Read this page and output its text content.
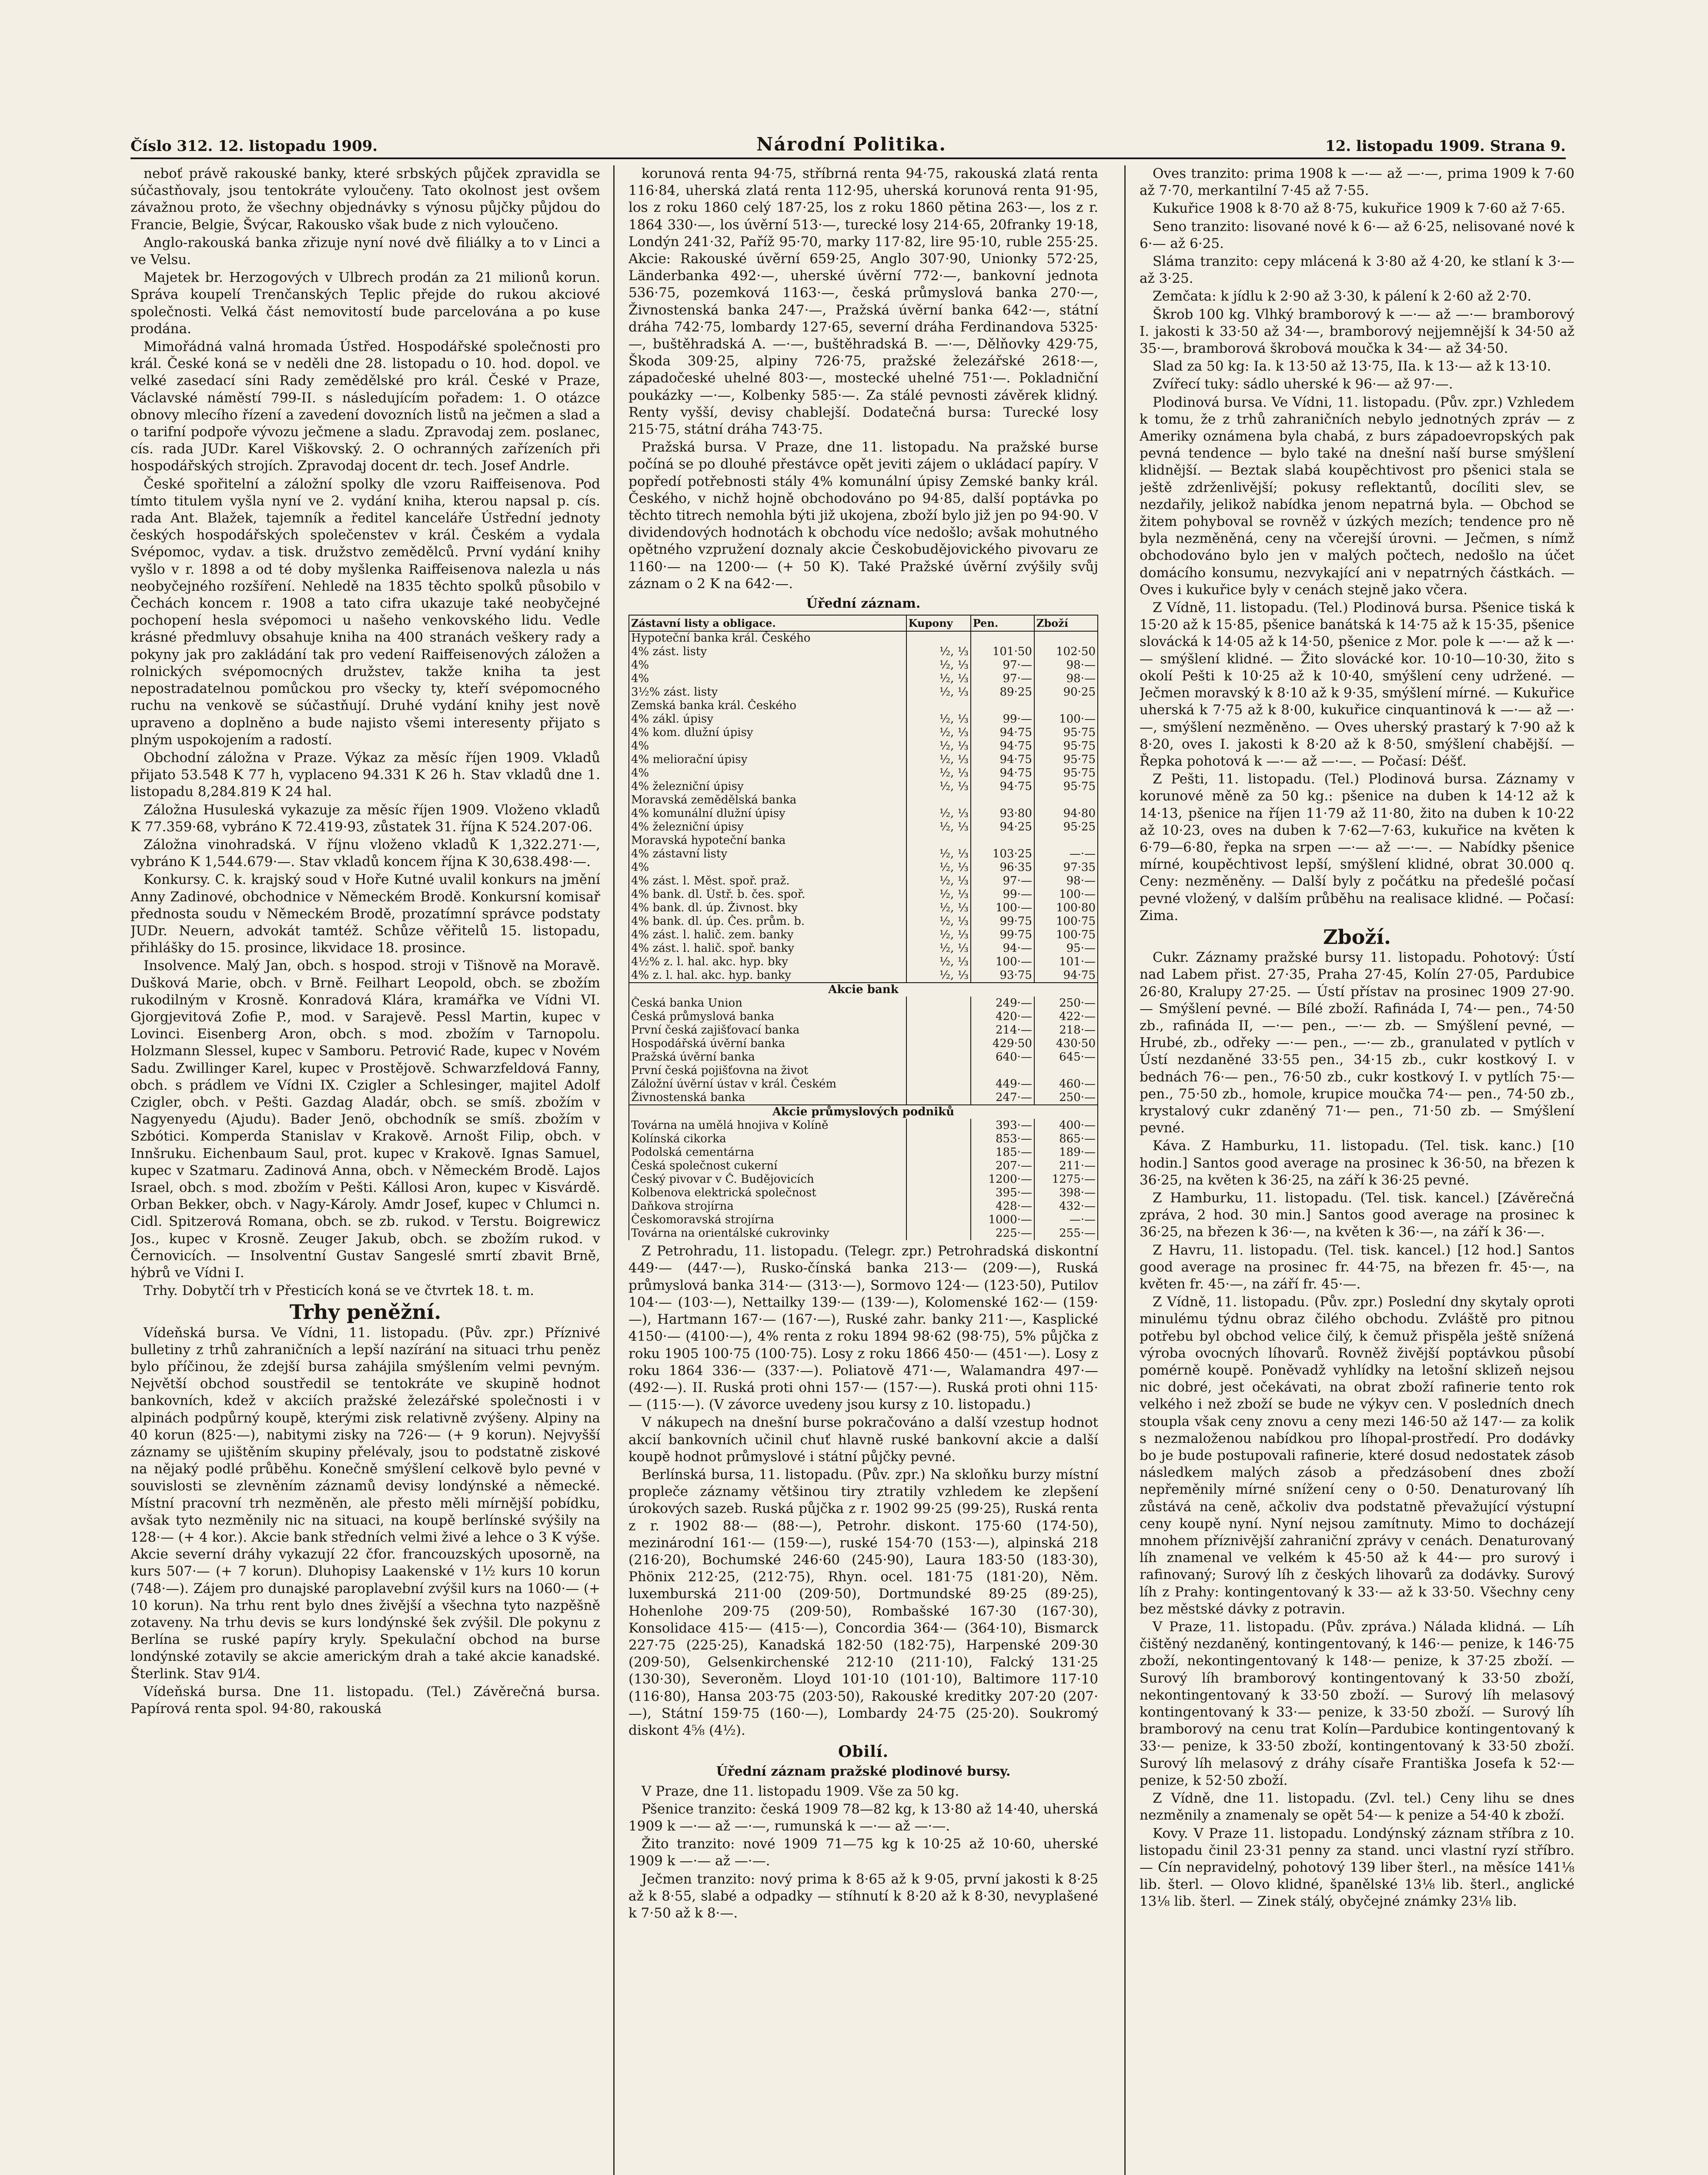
Číslo 312. 12. listopadu 1909.	Národní Politika.	12. listopadu 1909. Strana 9.

neboť právě rakouské banky, které srbských půjček zpravidla se súčastňovaly, jsou tentokráte vyloučeny. Tato okolnost jest ovšem závažnou proto, že všechny objednávky s výnosu půjčky půjdou do Francie, Belgie, Švýcar, Rakousko však bude z nich vyloučeno.

Anglo-rakouská banka zřizuje nyní nové dvě filiálky a to v Linci a ve Velsu.

Majetek br. Herzogových v Ulbrech prodán za 21 milionů korun. Správa koupelí Trenčanských Teplic přejde do rukou akciové společnosti. Velká část nemovitostí bude parcelována a po kuse prodána.

Mimořádná valná hromada Ústřed. Hospodářské společnosti pro král. České koná se v neděli dne 28. listopadu o 10. hod. dopol. ve velké zasedací síni Rady zemědělské pro král. České v Praze, Václavské náměstí 799-II. s následujícím pořadem: 1. O otázce obnovy mlecího řízení a zavedení dovozních listů na ječmen a slad a o tarifní podpoře vývozu ječmene a sladu. Zpravodaj zem. poslanec, cís. rada JUDr. Karel Viškovský. 2. O ochranných zařízeních při hospodářských strojích. Zpravodaj docent dr. tech. Josef Andrle.

České spořitelní a záložní spolky dle vzoru Raiffeisenova. Pod tímto titulem vyšla nyní ve 2. vydání kniha, kterou napsal p. cís. rada Ant. Blažek, tajemník a ředitel kanceláře Ústřední jednoty českých hospodářských společenstev v král. Českém a vydala Svépomoc, vydav. a tisk. družstvo zemědělců. První vydání knihy vyšlo v r. 1898 a od té doby myšlenka Raiffeisenova nalezla u nás neobyčejného rozšíření. Nehledě na 1835 těchto spolků působilo v Čechách koncem r. 1908 a tato cifra ukazuje také neobyčejné pochopení hesla svépomoci u našeho venkovského lidu. Vedle krásné předmluvy obsahuje kniha na 400 stranách veškery rady a pokyny jak pro zakládání tak pro vedení Raiffeisenových záložen a rolnických svépomocných družstev, takže kniha ta jest nepostradatelnou pomůckou pro všecky ty, kteří svépomocného ruchu na venkově se súčastňují. Druhé vydání knihy jest nově upraveno a doplněno a bude najisto všemi interesenty přijato s plným uspokojením a radostí.

Obchodní záložna v Praze. Výkaz za měsíc říjen 1909. Vkladů přijato 53.548 K 77 h, vyplaceno 94.331 K 26 h. Stav vkladů dne 1. listopadu 8,284.819 K 24 hal.

Záložna Husuleská vykazuje za měsíc říjen 1909. Vloženo vkladů K 77.359·68, vybráno K 72.419·93, zůstatek 31. října K 524.207·06.

Záložna vinohradská. V říjnu vloženo vkladů K 1,322.271·—, vybráno K 1,544.679·—. Stav vkladů koncem října K 30,638.498·—.

Konkursy. C. k. krajský soud v Hoře Kutné uvalil konkurs na jmění Anny Zadinové, obchodnice v Německém Brodě. Konkursní komisař přednosta soudu v Německém Brodě, prozatímní správce podstaty JUDr. Neuern, advokát tamtéž. Schůze věřitelů 15. listopadu, přihlášky do 15. prosince, likvidace 18. prosince.

Insolvence. Malý Jan, obch. s hospod. stroji v Tišnově na Moravě. Dušková Marie, obch. v Brně. Feilhart Leopold, obch. se zbožím rukodilným v Krosně. Konradová Klára, kramářka ve Vídni VI. Gjorgjevitová Zofie P., mod. v Sarajevě. Pessl Martin, kupec v Lovinci. Eisenberg Aron, obch. s mod. zbožím v Tarnopolu. Holzmann Slessel, kupec v Samboru. Petrović Rade, kupec v Novém Sadu. Zwillinger Karel, kupec v Prostějově. Schwarzfeldová Fanny, obch. s prádlem ve Vídni IX. Czigler a Schlesinger, majitel Adolf Czigler, obch. v Pešti. Gazdag Aladár, obch. se smíš. zbožím v Nagyenyedu (Ajudu). Bader Jenö, obchodník se smíš. zbožím v Szbótici. Komperda Stanislav v Krakově. Arnošt Filip, obch. v Innšruku. Eichenbaum Saul, prot. kupec v Krakově. Ignas Samuel, kupec v Szatmaru. Zadinová Anna, obch. v Německém Brodě. Lajos Israel, obch. s mod. zbožím v Pešti. Kállosi Aron, kupec v Kisvárdě. Orban Bekker, obch. v Nagy-Károly. Amdr Josef, kupec v Chlumci n. Cidl. Spitzerová Romana, obch. se zb. rukod. v Terstu. Boigrewicz Jos., kupec v Krosně. Zeuger Jakub, obch. se zbožím rukod. v Černovicích. — Insolventní Gustav Sangeslé smrtí zbavit Brně, hýbrů ve Vídni I.

Trhy. Dobytčí trh v Přesticích koná se ve čtvrtek 18. t. m.

Trhy peněžní.

Vídeňská bursa. Ve Vídni, 11. listopadu. (Pův. zpr.) Příznivé bulletiny z trhů zahraničních a lepší nazírání na situaci trhu peněz bylo příčinou, že zdejší bursa zahájila smýšlením velmi pevným. Největší obchod soustředil se tentokráte ve skupině hodnot bankovních, kdež v akciích pražské železářské společnosti i v alpinách podpůrný koupě, kterými zisk relativně zvýšeny. Alpiny na 40 korun (825·—), nabitymi zisky na 726·— (+ 9 korun). Nejvyšší záznamy se ujištěním skupiny přelévaly, jsou to podstatně ziskové na nějaký podlé průběhu. Konečně smýšlení celkově bylo pevné v souvislosti se zlevněním záznamů devisy londýnské a německé. Místní pracovní trh nezměněn, ale přesto měli mírnější pobídku, avšak tyto nezměnily nic na situaci, na koupě berlínské svýšily na 128·— (+ 4 kor.). Akcie bank středních velmi živé a lehce o 3 K výše. Akcie severní dráhy vykazují 22 čfor. francouzských uposorně, na kurs 507·— (+ 7 korun). Dluhopisy Laakenské v 1½ kurs 10 korun (748·—). Zájem pro dunajské paroplavební zvýšil kurs na 1060·— (+ 10 korun). Na trhu rent bylo dnes živější a všechna tyto nazpěšně zotaveny. Na trhu devis se kurs londýnské šek zvýšil. Dle pokynu z Berlína se ruské papíry kryly. Spekulační obchod na burse londýnské zotavily se akcie americkým drah a také akcie kanadské. Šterlink. Stav 91⁄4.

Vídeňská bursa. Dne 11. listopadu. (Tel.) Závěrečná bursa. Papírová renta spol. 94·80, rakouská

korunová renta 94·75, stříbrná renta 94·75, rakouská zlatá renta 116·84, uherská zlatá renta 112·95, uherská korunová renta 91·95, los z roku 1860 celý 187·25, los z roku 1860 pětina 263·—, los z r. 1864 330·—, los úvěrní 513·—, turecké losy 214·65, 20franky 19·18, Londýn 241·32, Paříž 95·70, marky 117·82, lire 95·10, ruble 255·25. Akcie: Rakouské úvěrní 659·25, Anglo 307·90, Unionky 572·25, Länderbanka 492·—, uherské úvěrní 772·—, bankovní jednota 536·75, pozemková 1163·—, česká průmyslová banka 270·—, Živnostenská banka 247·—, Pražská úvěrní banka 642·—, státní dráha 742·75, lombardy 127·65, severní dráha Ferdinandova 5325·—, buštěhradská A. —·—, buštěhradská B. —·—, Dělňovky 429·75, Škoda 309·25, alpiny 726·75, pražské železářské 2618·—, západočeské uhelné 803·—, mostecké uhelné 751·—. Pokladniční poukázky —·—, Kolbenky 585·—. Za stálé pevnosti závěrek klidný. Renty vyšší, devisy chablejší. Dodatečná bursa: Turecké losy 215·75, státní dráha 743·75.

Pražská bursa. V Praze, dne 11. listopadu. Na pražské burse počíná se po dlouhé přestávce opět jeviti zájem o ukládací papíry. V popředí potřebnosti stály 4% komunální úpisy Zemské banky král. Českého, v nichž hojně obchodováno po 94·85, další poptávka po těchto titrech nemohla býti již ukojena, zboží bylo již jen po 94·90. V dividendových hodnotách k obchodu více nedošlo; avšak mohutného opětného vzpružení doznaly akcie Českobudějovického pivovaru ze 1160·— na 1200·— (+ 50 K). Také Pražské úvěrní zvýšily svůj záznam o 2 K na 642·—.

Úřední záznam.
Zástavní listy a obligace.	Kupony	Pen.	Zboží
Hypoteční banka král. Českého			
4% zást. listy	½, ⅓	101·50	102·50
4%	½, ⅓	97·—	98·—
4%	½, ⅓	97·—	98·—
3½% zást. listy	½, ⅓	89·25	90·25
Zemská banka král. Českého			
4% zákl. úpisy	½, ⅓	99·—	100·—
4% kom. dlužní úpisy	½, ⅓	94·75	95·75
4%	½, ⅓	94·75	95·75
4% meliorační úpisy	½, ⅓	94·75	95·75
4%	½, ⅓	94·75	95·75
4% železniční úpisy	½, ⅓	94·75	95·75
Moravská zemědělská banka			
4% komunální dlužní úpisy	½, ⅓	93·80	94·80
4% železniční úpisy	½, ⅓	94·25	95·25
Moravská hypoteční banka			
4% zástavní listy	½, ⅓	103·25	—·—
4%	½, ⅓	96·35	97·35
4% zást. l. Měst. spoř. praž.	½, ⅓	97·—	98·—
4% bank. dl. Ústř. b. čes. spoř.	½, ⅓	99·—	100·—
4% bank. dl. úp. Živnost. bky	½, ⅓	100·—	100·80
4% bank. dl. úp. Čes. prům. b.	½, ⅓	99·75	100·75
4% zást. l. halič. zem. banky	½, ⅓	99·75	100·75
4% zást. l. halič. spoř. banky	½, ⅓	94·—	95·—
4½% z. l. hal. akc. hyp. bky	½, ⅓	100·—	101·—
4% z. l. hal. akc. hyp. banky	½, ⅓	93·75	94·75
Akcie bank			
Česká banka Union		249·—	250·—
Česká průmyslová banka		420·—	422·—
První česká zajišťovací banka		214·—	218·—
Hospodářská úvěrní banka		429·50	430·50
Pražská úvěrní banka		640·—	645·—
První česká pojišťovna na život			
Záložní úvěrní ústav v král. Českém		449·—	460·—
Živnostenská banka		247·—	250·—
Akcie průmyslových podniků			
Továrna na umělá hnojiva v Kolíně		393·—	400·—
Kolínská cikorka		853·—	865·—
Podolská cementárna		185·—	189·—
Česká společnost cukerní		207·—	211·—
Český pivovar v Č. Budějovicích		1200·—	1275·—
Kolbenova elektrická společnost		395·—	398·—
Daňkova strojírna		428·—	432·—
Českomoravská strojírna		1000·—	—·—
Továrna na orientálské cukrovinky		225·—	255·—

Z Petrohradu, 11. listopadu. (Telegr. zpr.) Petrohradská diskontní 449·— (447·—), Rusko-čínská banka 213·— (209·—), Ruská průmyslová banka 314·— (313·—), Sormovo 124·— (123·50), Putilov 104·— (103·—), Nettailky 139·— (139·—), Kolomenské 162·— (159·—), Hartmann 167·— (167·—), Ruské zahr. banky 211·—, Kasplické 4150·— (4100·—), 4% renta z roku 1894 98·62 (98·75), 5% půjčka z roku 1905 100·75 (100·75). Losy z roku 1866 450·— (451·—). Losy z roku 1864 336·— (337·—). Poliatově 471·—, Walamandra 497·— (492·—). II. Ruská proti ohni 157·— (157·—). Ruská proti ohni 115·— (115·—). (V závorce uvedeny jsou kursy z 10. listopadu.)

V nákupech na dnešní burse pokračováno a další vzestup hodnot akcií bankovních učinil chuť hlavně ruské bankovní akcie a další koupě hodnot průmyslové i státní půjčky pevné.

Berlínská bursa, 11. listopadu. (Pův. zpr.) Na skloňku burzy místní propleče záznamy většinou tiry ztratily vzhledem ke zlepšení úrokových sazeb. Ruská půjčka z r. 1902 99·25 (99·25), Ruská renta z r. 1902 88·— (88·—), Petrohr. diskont. 175·60 (174·50), mezinárodní 161·— (159·—), ruské 154·70 (153·—), alpinská 218 (216·20), Bochumské 246·60 (245·90), Laura 183·50 (183·30), Phönix 212·25, (212·75), Rhyn. ocel. 181·75 (181·20), Něm. luxemburská 211·00 (209·50), Dortmundské 89·25 (89·25), Hohenlohe 209·75 (209·50), Rombašské 167·30 (167·30), Konsolidace 415·— (415·—), Concordia 364·— (364·10), Bismarck 227·75 (225·25), Kanadská 182·50 (182·75), Harpenské 209·30 (209·50), Gelsenkirchenské 212·10 (211·10), Falcký 131·25 (130·30), Severoněm. Lloyd 101·10 (101·10), Baltimore 117·10 (116·80), Hansa 203·75 (203·50), Rakouské kreditky 207·20 (207·—), Státní 159·75 (160·—), Lombardy 24·75 (25·20). Soukromý diskont 4⅝ (4½).

Obilí.
Úřední záznam pražské plodinové bursy.

V Praze, dne 11. listopadu 1909. Vše za 50 kg.

Pšenice tranzito: česká 1909 78—82 kg, k 13·80 až 14·40, uherská 1909 k —·— až —·—, rumunská k —·— až —·—.

Žito tranzito: nové 1909 71—75 kg k 10·25 až 10·60, uherské 1909 k —·— až —·—.

Ječmen tranzito: nový prima k 8·65 až k 9·05, první jakosti k 8·25 až k 8·55, slabé a odpadky — stíhnutí k 8·20 až k 8·30, nevyplašené k 7·50 až k 8·—.

Oves tranzito: prima 1908 k —·— až —·—, prima 1909 k 7·60 až 7·70, merkantilní 7·45 až 7·55.

Kukuřice 1908 k 8·70 až 8·75, kukuřice 1909 k 7·60 až 7·65.

Seno tranzito: lisované nové k 6·— až 6·25, nelisované nové k 6·— až 6·25.

Sláma tranzito: cepy mlácená k 3·80 až 4·20, ke stlaní k 3·— až 3·25.

Zemčata: k jídlu k 2·90 až 3·30, k pálení k 2·60 až 2·70.

Škrob 100 kg. Vlhký bramborový k —·— až —·— bramborový I. jakosti k 33·50 až 34·—, bramborový nejjemnější k 34·50 až 35·—, bramborová škrobová moučka k 34·— až 34·50.

Slad za 50 kg: Ia. k 13·50 až 13·75, IIa. k 13·— až k 13·10.

Zvířecí tuky: sádlo uherské k 96·— až 97·—.

Plodinová bursa. Ve Vídni, 11. listopadu. (Pův. zpr.) Vzhledem k tomu, že z trhů zahraničních nebylo jednotných zpráv — z Ameriky oznámena byla chabá, z burs západoevropských pak pevná tendence — bylo také na dnešní naší burse smýšlení klidnější. — Beztak slabá koupěchtivost pro pšenici stala se ještě zdrženlivější; pokusy reflektantů, docíliti slev, se nezdařily, jelikož nabídka jenom nepatrná byla. — Obchod se žitem pohyboval se rovněž v úzkých mezích; tendence pro ně byla nezměněná, ceny na včerejší úrovni. — Ječmen, s nímž obchodováno bylo jen v malých počtech, nedošlo na účet domácího konsumu, nezvykající ani v nepatrných částkách. — Oves i kukuřice byly v cenách stejně jako včera.

Z Vídně, 11. listopadu. (Tel.) Plodinová bursa. Pšenice tiská k 15·20 až k 15·85, pšenice banátská k 14·75 až k 15·35, pšenice slovácká k 14·05 až k 14·50, pšenice z Mor. pole k —·— až k —·— smýšlení klidné. — Žito slovácké kor. 10·10—10·30, žito s okolí Pešti k 10·25 až k 10·40, smýšlení ceny udržené. — Ječmen moravský k 8·10 až k 9·35, smýšlení mírné. — Kukuřice uherská k 7·75 až k 8·00, kukuřice cinquantinová k —·— až —·—, smýšlení nezměněno. — Oves uherský prastarý k 7·90 až k 8·20, oves I. jakosti k 8·20 až k 8·50, smýšlení chabější. — Řepka pohotová k —·— až —·—. — Počasí: Déšť.

Z Pešti, 11. listopadu. (Tel.) Plodinová bursa. Záznamy v korunové měně za 50 kg.: pšenice na duben k 14·12 až k 14·13, pšenice na říjen 11·79 až 11·80, žito na duben k 10·22 až 10·23, oves na duben k 7·62—7·63, kukuřice na květen k 6·79—6·80, řepka na srpen —·— až —·—. — Nabídky pšenice mírné, koupěchtivost lepší, smýšlení klidné, obrat 30.000 q. Ceny: nezměněny. — Další byly z počátku na předešlé počasí pevné vložený, v dalším průběhu na realisace klidné. — Počasí: Zima.

Zboží.

Cukr. Záznamy pražské bursy 11. listopadu. Pohotový: Ústí nad Labem přist. 27·35, Praha 27·45, Kolín 27·05, Pardubice 26·80, Kralupy 27·25. — Ústí přístav na prosinec 1909 27·90. — Smýšlení pevné. — Bílé zboží. Rafináda I, 74·— pen., 74·50 zb., rafináda II, —·— pen., —·— zb. — Smýšlení pevné, — Hrubé, zb., odřeky —·— pen., —·— zb., granulated v pytlích v Ústí nezdaněné 33·55 pen., 34·15 zb., cukr kostkový I. v bednách 76·— pen., 76·50 zb., cukr kostkový I. v pytlích 75·— pen., 75·50 zb., homole, krupice moučka 74·— pen., 74·50 zb., krystalový cukr zdaněný 71·— pen., 71·50 zb. — Smýšlení pevné.

Káva. Z Hamburku, 11. listopadu. (Tel. tisk. kanc.) [10 hodin.] Santos good average na prosinec k 36·50, na březen k 36·25, na květen k 36·25, na září k 36·25 pevné.

Z Hamburku, 11. listopadu. (Tel. tisk. kancel.) [Závěrečná zpráva, 2 hod. 30 min.] Santos good average na prosinec k 36·25, na březen k 36·—, na květen k 36·—, na září k 36·—.

Z Havru, 11. listopadu. (Tel. tisk. kancel.) [12 hod.] Santos good average na prosinec fr. 44·75, na březen fr. 45·—, na květen fr. 45·—, na září fr. 45·—.

Z Vídně, 11. listopadu. (Pův. zpr.) Poslední dny skytaly oproti minulému týdnu obraz čilého obchodu. Zvláště pro pitnou potřebu byl obchod velice čilý, k čemuž přispěla ještě snížená výroba ovocných líhovarů. Rovněž živější poptávkou působí pomérně koupě. Poněvadž vyhlídky na letošní sklizeň nejsou nic dobré, jest očekávati, na obrat zboží rafinerie tento rok velkého i než zboží se bude ne výkyv cen. V posledních dnech stoupla však ceny znovu a ceny mezi 146·50 až 147·— za kolik s nezmaloženou nabídkou pro líhopal-prostředí. Pro dodávky bo je bude postupovali rafinerie, které dosud nedostatek zásob následkem malých zásob a předzásobení dnes zboží nepřeměnily mírné snížení ceny o 0·50. Denaturovaný líh zůstává na ceně, ačkoliv dva podstatně převažující výstupní ceny koupě nyní. Nyní nejsou zamítnuty. Mimo to docházejí mnohem příznivější zahraniční zprávy v cenách. Denaturovaný líh znamenal ve velkém k 45·50 až k 44·— pro surový i rafinovaný; Surový líh z českých lihovarů za dodávky. Surový líh z Prahy: kontingentovaný k 33·— až k 33·50. Všechny ceny bez městské dávky z potravin.

V Praze, 11. listopadu. (Pův. zpráva.) Nálada klidná. — Líh čištěný nezdaněný, kontingentovaný, k 146·— penize, k 146·75 zboží, nekontingentovaný k 148·— penize, k 37·25 zboží. — Surový líh bramborový kontingentovaný k 33·50 zboží, nekontingentovaný k 33·50 zboží. — Surový líh melasový kontingentovaný k 33·— penize, k 33·50 zboží. — Surový líh bramborový na cenu trat Kolín—Pardubice kontingentovaný k 33·— penize, k 33·50 zboží, kontingentovaný k 33·50 zboží. Surový líh melasový z dráhy císaře Františka Josefa k 52·— penize, k 52·50 zboží.

Z Vídně, dne 11. listopadu. (Zvl. tel.) Ceny lihu se dnes nezměnily a znamenaly se opět 54·— k penize a 54·40 k zboží.

Kovy. V Praze 11. listopadu. Londýnský záznam stříbra z 10. listopadu činil 23·31 penny za stand. unci vlastní ryzí stříbro. — Cín nepravidelný, pohotový 139 liber šterl., na měsíce 141⅛ lib. šterl. — Olovo klidné, španělské 13⅛ lib. šterl., anglické 13⅛ lib. šterl. — Zinek stálý, obyčejné známky 23⅛ lib.
